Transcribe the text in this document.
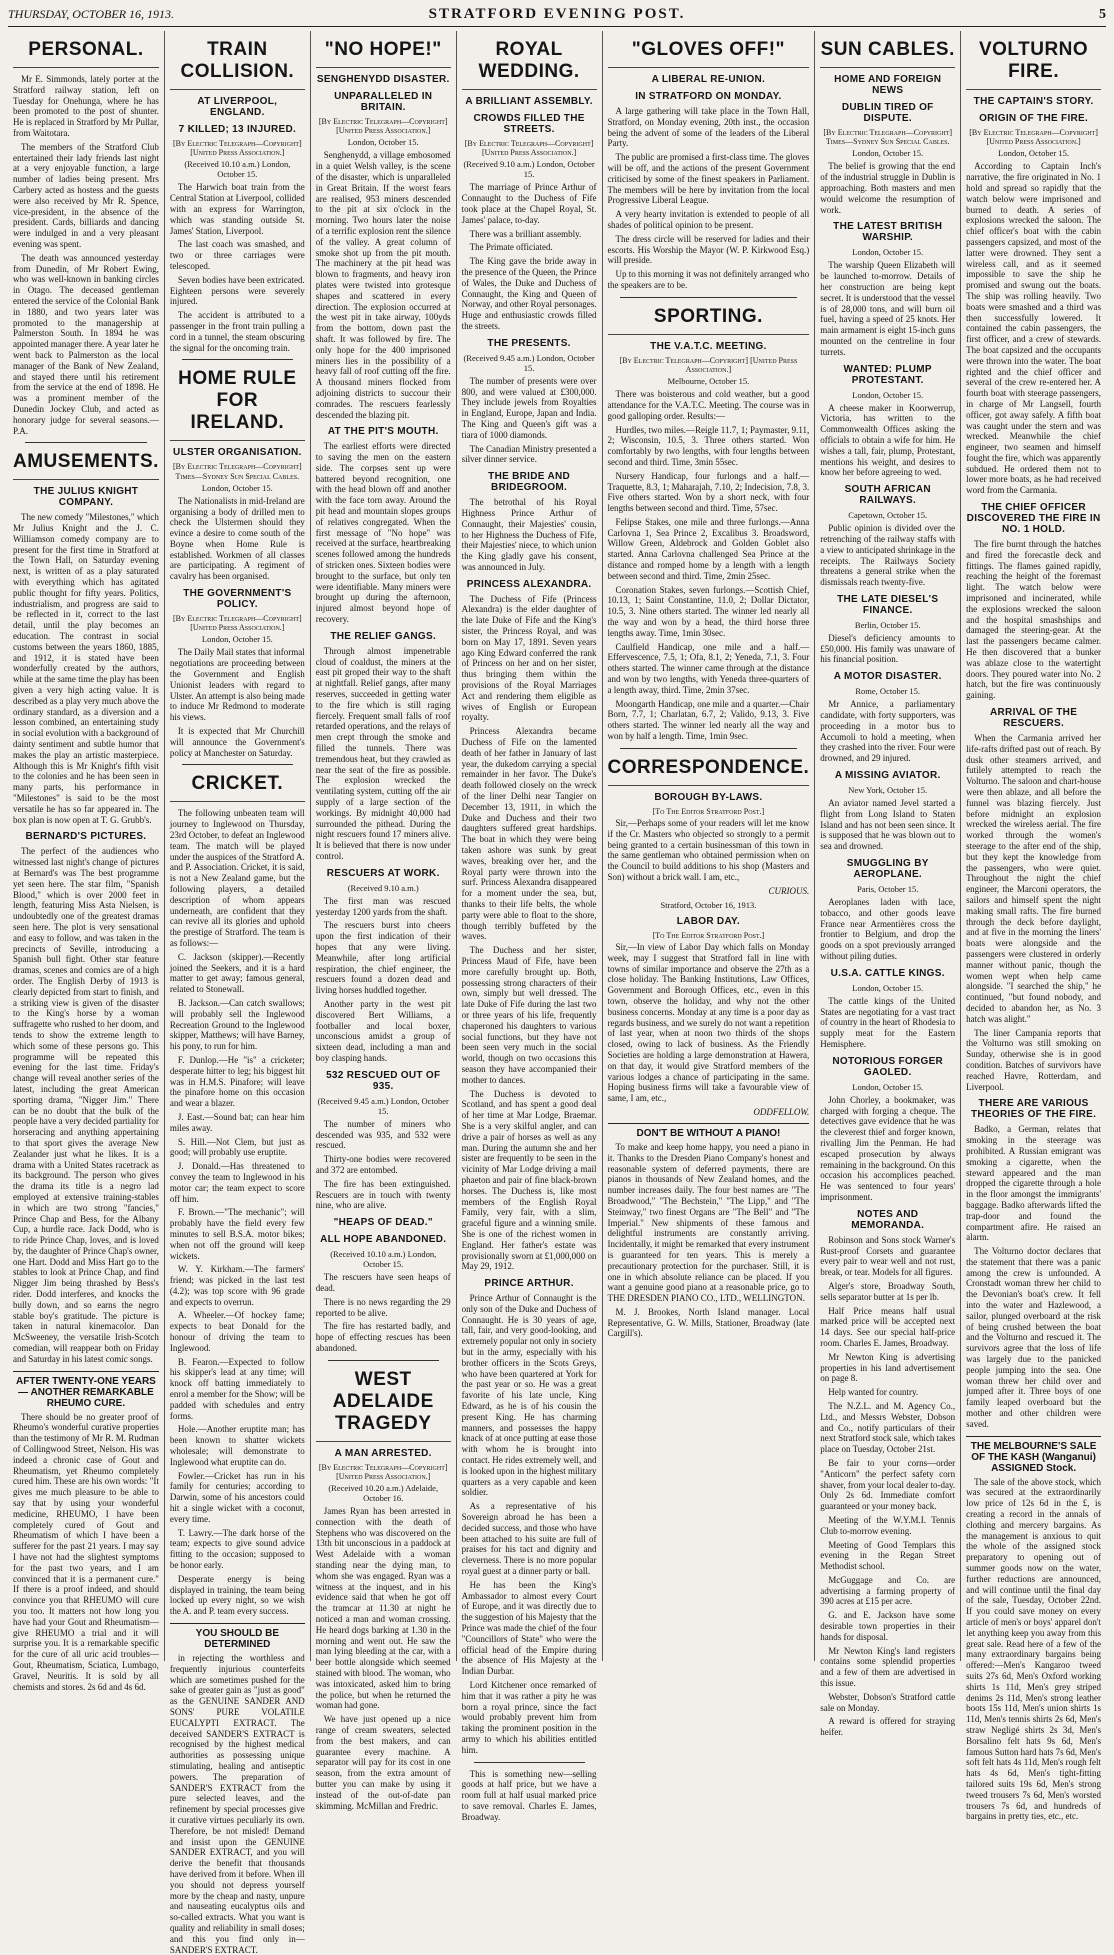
THURSDAY, OCTOBER 16, 1913.	STRATFORD EVENING POST.	5
PERSONAL.

Mr E. Simmonds, lately porter at the Stratford railway station, left on Tuesday for Onehunga, where he has been promoted to the post of shunter. He is replaced in Stratford by Mr Pullar, from Waitotara.

The members of the Stratford Club entertained their lady friends last night at a very enjoyable function, a large number of ladies being present. Mrs Carbery acted as hostess and the guests were also received by Mr R. Spence, vice-president, in the absence of the president. Cards, billiards and dancing were indulged in and a very pleasant evening was spent.

The death was announced yesterday from Dunedin, of Mr Robert Ewing, who was well-known in banking circles in Otago. The deceased gentleman entered the service of the Colonial Bank in 1880, and two years later was promoted to the managership at Palmerston South. In 1894 he was appointed manager there. A year later he went back to Palmerston as the local manager of the Bank of New Zealand, and stayed there until his retirement from the service at the end of 1898. He was a prominent member of the Dunedin Jockey Club, and acted as honorary judge for several seasons.—P.A.

AMUSEMENTS.
THE JULIUS KNIGHT COMPANY.

The new comedy "Milestones," which Mr Julius Knight and the J. C. Williamson comedy company are to present for the first time in Stratford at the Town Hall, on Saturday evening next, is written of as a play saturated with everything which has agitated public thought for fifty years. Politics, industrialism, and progress are said to be reflected in it, correct to the last detail, until the play becomes an education. The contrast in social customs between the years 1860, 1885, and 1912, it is stated have been wonderfully created by the authors, while at the same time the play has been given a very high acting value. It is described as a play very much above the ordinary standard, as a diversion and a lesson combined, an entertaining study in social evolution with a background of dainty sentiment and subtle humor that makes the play an artistic masterpiece. Although this is Mr Knight's fifth visit to the colonies and he has been seen in many parts, his performance in "Milestones" is said to be the most versatile he has so far appeared in. The box plan is now open at T. G. Grubb's.

BERNARD'S PICTURES.

The perfect of the audiences who witnessed last night's change of pictures at Bernard's was The best programme yet seen here. The star film, "Spanish Blood," which is over 2000 feet in length, featuring Miss Asta Nielsen, is undoubtedly one of the greatest dramas seen here. The plot is very sensational and easy to follow, and was taken in the precincts of Seville, introducing a Spanish bull fight. Other star feature dramas, scenes and comics are of a high order. The English Derby of 1913 is clearly depicted from start to finish, and a striking view is given of the disaster to the King's horse by a woman suffragette who rushed to her doom, and tends to show the extreme length to which some of these persons go. This programme will be repeated this evening for the last time. Friday's change will reveal another series of the latest, including the great American sporting drama, "Nigger Jim." There can be no doubt that the bulk of the people have a very decided partiality for horseracing and anything appertaining to that sport gives the average New Zealander just what he likes. It is a drama with a United States racetrack as its background. The person who gives the drama its title is a negro lad employed at extensive training-stables in which are two strong "fancies," Prince Chap and Bess, for the Albany Cup, a hurdle race. Jack Dodd, who is to ride Prince Chap, loves, and is loved by, the daughter of Prince Chap's owner, one Hart. Dodd and Miss Hart go to the stables to look at Prince Chap, and find Nigger Jim being thrashed by Bess's rider. Dodd interferes, and knocks the bully down, and so earns the negro stable boy's gratitude. The picture is taken in natural kinemacolor. Dan McSweeney, the versatile Irish-Scotch comedian, will reappear both on Friday and Saturday in his latest comic songs.

AFTER TWENTY-ONE YEARS— ANOTHER REMARKABLE RHEUMO CURE.

There should be no greater proof of Rheumo's wonderful curative properties than the testimony of Mr R. M. Rudman of Collingwood Street, Nelson. His was indeed a chronic case of Gout and Rheumatism, yet Rheumo completely cured him. These are his own words: "It gives me much pleasure to be able to say that by using your wonderful medicine, RHEUMO, I have been completely cured of Gout and Rheumatism of which I have been a sufferer for the past 21 years. I may say I have not had the slightest symptoms for the past two years, and I am convinced that it is a permanent cure." If there is a proof indeed, and should convince you that RHEUMO will cure you too. It matters not how long you have had your Gout and Rheumatism—give RHEUMO a trial and it will surprise you. It is a remarkable specific for the cure of all uric acid troubles—Gout, Rheumatism, Sciatica, Lumbago, Gravel, Neuritis. It is sold by all chemists and stores. 2s 6d and 4s 6d.

TRAIN COLLISION.
AT LIVERPOOL, ENGLAND.
7 KILLED; 13 INJURED.
[By Electric Telegraph—Copyright] [United Press Association.]
(Received 10.10 a.m.) London, October 15.

The Harwich boat train from the Central Station at Liverpool, collided with an express for Warrington, which was standing outside St. James' Station, Liverpool.

The last coach was smashed, and two or three carriages were telescoped.

Seven bodies have been extricated. Eighteen persons were severely injured.

The accident is attributed to a passenger in the front train pulling a cord in a tunnel, the steam obscuring the signal for the oncoming train.

HOME RULE FOR IRELAND.
ULSTER ORGANISATION.
[By Electric Telegraph—Copyright] Times—Sydney Sun Special Cables.
London, October 15.

The Nationalists in mid-Ireland are organising a body of drilled men to check the Ulstermen should they evince a desire to come south of the Boyne when Home Rule is established. Workmen of all classes are participating. A regiment of cavalry has been organised.

THE GOVERNMENT'S POLICY.
[By Electric Telegraph—Copyright] [United Press Association.]
London, October 15.

The Daily Mail states that informal negotiations are proceeding between the Government and English Unionist leaders with regard to Ulster. An attempt is also being made to induce Mr Redmond to moderate his views.

It is expected that Mr Churchill will announce the Government's policy at Manchester on Saturday.

CRICKET.

The following unbeaten team will journey to Inglewood on Thursday, 23rd October, to defeat an Inglewood team. The match will be played under the auspices of the Stratford A. and P. Association. Cricket, it is said, is not a New Zealand game, but the following players, a detailed description of whom appears underneath, are confident that they can revive all its glories and uphold the prestige of Stratford. The team is as follows:—

C. Jackson (skipper).—Recently joined the Seekers, and it is a hard matter to get away; famous general, related to Stonewall.

B. Jackson.—Can catch swallows; will probably sell the Inglewood Recreation Ground to the Inglewood skipper, Matthews; will have Barney, his pony, to run for him.

F. Dunlop.—He "is" a cricketer; desperate hitter to leg; his biggest hit was in H.M.S. Pinafore; will leave the pinafore home on this occasion and wear a blazer.

J. East.—Sound bat; can hear him miles away.

S. Hill.—Not Clem, but just as good; will probably use eruptite.

J. Donald.—Has threatened to convey the team to Inglewood in his motor car; the team expect to score off him.

F. Brown.—"The mechanic"; will probably have the field every few minutes to sell B.S.A. motor bikes; when not off the ground will keep wickets.

W. Y. Kirkham.—The farmers' friend; was picked in the last test (4.2); was top score with 96 grade and expects to overrun.

A. Wheeler.—Of hockey fame; expects to beat Donald for the honour of driving the team to Inglewood.

B. Fearon.—Expected to follow his skipper's lead at any time; will knock off batting immediately to enrol a member for the Show; will be padded with schedules and entry forms.

Hole.—Another eruptite man; has been known to shatter wickets wholesale; will demonstrate to Inglewood what eruptite can do.

Fowler.—Cricket has run in his family for centuries; according to Darwin, some of his ancestors could hit a single wicket with a coconut, every time.

T. Lawry.—The dark horse of the team; expects to give sound advice fitting to the occasion; supposed to be honor early.

Desperate energy is being displayed in training, the team being locked up every night, so we wish the A. and P. team every success.

YOU SHOULD BE DETERMINED

in rejecting the worthless and frequently injurious counterfeits which are sometimes pushed for the sake of greater gain as "just as good" as the GENUINE SANDER AND SONS' PURE VOLATILE EUCALYPTI EXTRACT. The deceived SANDER'S EXTRACT is recognised by the highest medical authorities as possessing unique stimulating, healing and antiseptic powers. The preparation of SANDER'S EXTRACT from the pure selected leaves, and the refinement by special processes give it curative virtues peculiarly its own. Therefore, be not misled! Demand and insist upon the GENUINE SANDER EXTRACT, and you will derive the benefit that thousands have derived from it before. When ill you should not depress yourself more by the cheap and nasty, unpure and nauseating eucalyptus oils and so-called extracts. What you want is quality and reliability in small doses; and this you find only in— SANDER'S EXTRACT.

"NO HOPE!"
SENGHENYDD DISASTER.
UNPARALLELED IN BRITAIN.
[By Electric Telegraph—Copyright] [United Press Association.]
London, October 15.

Senghenydd, a village embosomed in a quiet Welsh valley, is the scene of the disaster, which is unparalleled in Great Britain. If the worst fears are realised, 953 miners descended to the pit at six o'clock in the morning. Two hours later the noise of a terrific explosion rent the silence of the valley. A great column of smoke shot up from the pit mouth. The machinery at the pit head was blown to fragments, and heavy iron plates were twisted into grotesque shapes and scattered in every direction. The explosion occurred at the west pit in take airway, 100yds from the bottom, down past the shaft. It was followed by fire. The only hope for the 400 imprisoned miners lies in the possibility of a heavy fall of roof cutting off the fire. A thousand miners flocked from adjoining districts to succour their comrades. The rescuers fearlessly descended the blazing pit.

AT THE PIT'S MOUTH.

The earliest efforts were directed to saving the men on the eastern side. The corpses sent up were battered beyond recognition, one with the head blown off and another with the face torn away. Around the pit head and mountain slopes groups of relatives congregated. When the first message of "No hope" was received at the surface, heartbreaking scenes followed among the hundreds of stricken ones. Sixteen bodies were brought to the surface, but only ten were identifiable. Many miners were brought up during the afternoon, injured almost beyond hope of recovery.

THE RELIEF GANGS.

Through almost impenetrable cloud of coaldust, the miners at the east pit groped their way to the shaft at nightfall. Relief gangs, after many reserves, succeeded in getting water to the fire which is still raging fiercely. Frequent small falls of roof retarded operations, and the relays of men crept through the smoke and filled the tunnels. There was tremendous heat, but they crawled as near the seat of the fire as possible. The explosion wrecked the ventilating system, cutting off the air supply of a large section of the workings. By midnight 40,000 had surrounded the pithead. During the night rescuers found 17 miners alive. It is believed that there is now under control.

RESCUERS AT WORK.
(Received 9.10 a.m.)

The first man was rescued yesterday 1200 yards from the shaft.

The rescuers burst into cheers upon the first indication of their hopes that any were living. Meanwhile, after long artificial respiration, the chief engineer, the rescuers found a dozen dead and living horses huddled together.

Another party in the west pit discovered Bert Williams, a footballer and local boxer, unconscious amidst a group of sixteen dead, including a man and boy clasping hands.

532 RESCUED OUT OF 935.
(Received 9.45 a.m.) London, October 15.

The number of miners who descended was 935, and 532 were rescued.

Thirty-one bodies were recovered and 372 are entombed.

The fire has been extinguished. Rescuers are in touch with twenty nine, who are alive.

"HEAPS OF DEAD."
ALL HOPE ABANDONED.
(Received 10.10 a.m.) London, October 15.

The rescuers have seen heaps of dead.

There is no news regarding the 29 reported to be alive.

The fire has restarted badly, and hope of effecting rescues has been abandoned.

WEST ADELAIDE TRAGEDY
A MAN ARRESTED.
[By Electric Telegraph—Copyright] [United Press Association.]
(Received 10.20 a.m.) Adelaide, October 16.

James Ryan has been arrested in connection with the death of Stephens who was discovered on the 13th bit unconscious in a paddock at West Adelaide with a woman standing near the dying man, to whom she was engaged. Ryan was a witness at the inquest, and in his evidence said that when he got off the tramcar at 11.30 at night he noticed a man and woman crossing. He heard dogs barking at 1.30 in the morning and went out. He saw the man lying bleeding at the car, with a beer bottle alongside which seemed stained with blood. The woman, who was intoxicated, asked him to bring the police, but when he returned the woman had gone.

We have just opened up a nice range of cream sweaters, selected from the best makers, and can guarantee every machine. A separator will pay for its cost in one season, from the extra amount of butter you can make by using it instead of the out-of-date pan skimming. McMillan and Fredric.

ROYAL WEDDING.
A BRILLIANT ASSEMBLY.
CROWDS FILLED THE STREETS.
[By Electric Telegraph—Copyright] [United Press Association.]
(Received 9.10 a.m.) London, October 15.

The marriage of Prince Arthur of Connaught to the Duchess of Fife took place at the Chapel Royal, St. James' palace, to-day.

There was a brilliant assembly.

The Primate officiated.

The King gave the bride away in the presence of the Queen, the Prince of Wales, the Duke and Duchess of Connaught, the King and Queen of Norway, and other Royal personages. Huge and enthusiastic crowds filled the streets.

THE PRESENTS.
(Received 9.45 a.m.) London, October 15.

The number of presents were over 800, and were valued at £300,000. They include jewels from Royalties in England, Europe, Japan and India. The King and Queen's gift was a tiara of 1000 diamonds.

The Canadian Ministry presented a silver dinner service.

THE BRIDE AND BRIDEGROOM.

The betrothal of his Royal Highness Prince Arthur of Connaught, their Majesties' cousin, to her Highness the Duchess of Fife, their Majesties' niece, to which union the King gladly gave his consent, was announced in July.

PRINCESS ALEXANDRA.

The Duchess of Fife (Princess Alexandra) is the elder daughter of the late Duke of Fife and the King's sister, the Princess Royal, and was born on May 17, 1891. Seven years ago King Edward conferred the rank of Princess on her and on her sister, thus bringing them within the provisions of the Royal Marriages Act and rendering them eligible as wives of English or European royalty.

Princess Alexandra became Duchess of Fife on the lamented death of her father in January of last year, the dukedom carrying a special remainder in her favor. The Duke's death followed closely on the wreck of the liner Delhi near Tangier on December 13, 1911, in which the Duke and Duchess and their two daughters suffered great hardships. The boat in which they were being taken ashore was sunk by great waves, breaking over her, and the Royal party were thrown into the surf. Princess Alexandra disappeared for a moment under the sea, but, thanks to their life belts, the whole party were able to float to the shore, though terribly buffeted by the waves.

The Duchess and her sister, Princess Maud of Fife, have been more carefully brought up. Both, possessing strong characters of their own, simply but well dressed. The late Duke of Fife during the last two or three years of his life, frequently chaperoned his daughters to various social functions, but they have not been seen very much in the social world, though on two occasions this season they have accompanied their mother to dances.

The Duchess is devoted to Scotland, and has spent a good deal of her time at Mar Lodge, Braemar. She is a very skilful angler, and can drive a pair of horses as well as any man. During the autumn she and her sister are frequently to be seen in the vicinity of Mar Lodge driving a mail phaeton and pair of fine black-brown horses. The Duchess is, like most members of the English Royal Family, very fair, with a slim, graceful figure and a winning smile. She is one of the richest women in England. Her father's estate was provisionally sworn at £1,000,000 on May 29, 1912.

PRINCE ARTHUR.

Prince Arthur of Connaught is the only son of the Duke and Duchess of Connaught. He is 30 years of age, tall, fair, and very good-looking, and extremely popular not only in society but in the army, especially with his brother officers in the Scots Greys, who have been quartered at York for the past year or so. He was a great favorite of his late uncle, King Edward, as he is of his cousin the present King. He has charming manners, and possesses the happy knack of at once putting at ease those with whom he is brought into contact. He rides extremely well, and is looked upon in the highest military quarters as a very capable and keen soldier.

As a representative of his Sovereign abroad he has been a decided success, and those who have been attached to his suite are full of praises for his tact and dignity and cleverness. There is no more popular royal guest at a dinner party or ball.

He has been the King's Ambassador to almost every Court of Europe, and it was directly due to the suggestion of his Majesty that the Prince was made the chief of the four "Councillors of State" who were the official head of the Empire during the absence of His Majesty at the Indian Durbar.

Lord Kitchener once remarked of him that it was rather a pity he was born a royal prince, since the fact would probably prevent him from taking the prominent position in the army to which his abilities entitled him.

This is something new—selling goods at half price, but we have a room full at half usual marked price to save removal. Charles E. James, Broadway.

"GLOVES OFF!"
A LIBERAL RE-UNION.
IN STRATFORD ON MONDAY.

A large gathering will take place in the Town Hall, Stratford, on Monday evening, 20th inst., the occasion being the advent of some of the leaders of the Liberal Party.

The public are promised a first-class time. The gloves will be off, and the actions of the present Government criticised by some of the finest speakers in Parliament. The members will be here by invitation from the local Progressive Liberal League.

A very hearty invitation is extended to people of all shades of political opinion to be present.

The dress circle will be reserved for ladies and their escorts. His Worship the Mayor (W. P. Kirkwood Esq.) will preside.

Up to this morning it was not definitely arranged who the speakers are to be.

SPORTING.
THE V.A.T.C. MEETING.
[By Electric Telegraph—Copyright] [United Press Association.]
Melbourne, October 15.

There was boisterous and cold weather, but a good attendance for the V.A.T.C. Meeting. The course was in good galloping order. Results:—

Hurdles, two miles.—Reigle 11.7, 1; Paymaster, 9.11, 2; Wisconsin, 10.5, 3. Three others started. Won comfortably by two lengths, with four lengths between second and third. Time, 3min 55sec.

Nursery Handicap, four furlongs and a half.—Traquette, 8.3, 1; Maharajah, 7.10, 2; Indecision, 7.8, 3. Five others started. Won by a short neck, with four lengths between second and third. Time, 57sec.

Felipse Stakes, one mile and three furlongs.—Anna Carlovna 1, Sea Prince 2, Excalibus 3. Broadsword, Willow Green, Aldebrock and Golden Goblet also started. Anna Carlovna challenged Sea Prince at the distance and romped home by a length with a length between second and third. Time, 2min 25sec.

Coronation Stakes, seven furlongs.—Scottish Chief, 10.13, 1; Saint Constantine, 11.0, 2; Dollar Dictator, 10.5, 3. Nine others started. The winner led nearly all the way and won by a head, the third horse three lengths away. Time, 1min 30sec.

Caulfield Handicap, one mile and a half.—Effervescence, 7.5, 1; Ofa, 8.1, 2; Yeneda, 7.1, 3. Four others started. The winner came through at the distance and won by two lengths, with Yeneda three-quarters of a length away, third. Time, 2min 37sec.

Moongarth Handicap, one mile and a quarter.—Chair Born, 7.7, 1; Charlatan, 6.7, 2; Valido, 9.13, 3. Five others started. The winner led nearly all the way and won by half a length. Time, 1min 9sec.

CORRESPONDENCE.
BOROUGH BY-LAWS.
[To The Editor Stratford Post.]

Sir,—Perhaps some of your readers will let me know if the Cr. Masters who objected so strongly to a permit being granted to a certain businessman of this town in the same gentleman who obtained permission when on the Council to build additions to his shop (Masters and Son) without a brick wall. I am, etc.,

CURIOUS.
Stratford, October 16, 1913.
LABOR DAY.
[To The Editor Stratford Post.]

Sir,—In view of Labor Day which falls on Monday week, may I suggest that Stratford fall in line with towns of similar importance and observe the 27th as a close holiday. The Banking Institutions, Law Offices, Government and Borough Offices, etc., even in this town, observe the holiday, and why not the other business concerns. Monday at any time is a poor day as regards business, and we surely do not want a repetition of last year, when at noon two thirds of the shops closed, owing to lack of business. As the Friendly Societies are holding a large demonstration at Hawera, on that day, it would give Stratford members of the various lodges a chance of participating in the same. Hoping business firms will take a favourable view of same, I am, etc.,

ODDFELLOW.
DON'T BE WITHOUT A PIANO!

To make and keep home happy, you need a piano in it. Thanks to the Dresden Piano Company's honest and reasonable system of deferred payments, there are pianos in thousands of New Zealand homes, and the number increases daily. The four best names are "The Broadwood," "The Bechstein," "The Lipp," and "The Steinway," two finest Organs are "The Bell" and "The Imperial." New shipments of these famous and delightful instruments are constantly arriving. Incidentally, it might be remarked that every instrument is guaranteed for ten years. This is merely a precautionary protection for the purchaser. Still, it is one in which absolute reliance can be placed. If you want a genuine good piano at a reasonable price, go to THE DRESDEN PIANO CO., LTD., WELLINGTON.

M. J. Brookes, North Island manager. Local Representative, G. W. Mills, Stationer, Broadway (late Cargill's).

SUN CABLES.
HOME AND FOREIGN NEWS
DUBLIN TIRED OF DISPUTE.
[By Electric Telegraph—Copyright] Times—Sydney Sun Special Cables.
London, October 15.

The belief is growing that the end of the industrial struggle in Dublin is approaching. Both masters and men would welcome the resumption of work.

THE LATEST BRITISH WARSHIP.
London, October 15.

The warship Queen Elizabeth will be launched to-morrow. Details of her construction are being kept secret. It is understood that the vessel is of 28,000 tons, and will burn oil fuel, having a speed of 25 knots. Her main armament is eight 15-inch guns mounted on the centreline in four turrets.

WANTED: PLUMP PROTESTANT.
London, October 15.

A cheese maker in Koorwerrup, Victoria, has written to the Commonwealth Offices asking the officials to obtain a wife for him. He wishes a tall, fair, plump, Protestant, mentions his weight, and desires to know her before agreeing to wed.

SOUTH AFRICAN RAILWAYS.
Capetown, October 15.

Public opinion is divided over the retrenching of the railway staffs with a view to anticipated shrinkage in the receipts. The Railways Society threatens a general strike when the dismissals reach twenty-five.

THE LATE DIESEL'S FINANCE.
Berlin, October 15.

Diesel's deficiency amounts to £50,000. His family was unaware of his financial position.

A MOTOR DISASTER.
Rome, October 15.

Mr Annice, a parliamentary candidate, with forty supporters, was proceeding in a motor bus to Accumoli to hold a meeting, when they crashed into the river. Four were drowned, and 29 injured.

A MISSING AVIATOR.
New York, October 15.

An aviator named Jevel started a flight from Long Island to Staten Island and has not been seen since. It is supposed that he was blown out to sea and drowned.

SMUGGLING BY AEROPLANE.
Paris, October 15.

Aeroplanes laden with lace, tobacco, and other goods leave France near Armentières cross the frontier to Belgium, and drop the goods on a spot previously arranged without piling duties.

U.S.A. CATTLE KINGS.
London, October 15.

The cattle kings of the United States are negotiating for a vast tract of country in the heart of Rhodesia to supply meat for the Eastern Hemisphere.

NOTORIOUS FORGER GAOLED.
London, October 15.

John Chorley, a bookmaker, was charged with forging a cheque. The detectives gave evidence that he was the cleverest thief and forger known, rivalling Jim the Penman. He had escaped prosecution by always remaining in the background. On this occasion his accomplices peached. He was sentenced to four years' imprisonment.

NOTES AND MEMORANDA.

Robinson and Sons stock Warner's Rust-proof Corsets and guarantee every pair to wear well and not rust, break, or tear. Models for all figures.

Alger's store, Broadway South, sells separator butter at 1s per lb.

Half Price means half usual marked price will be accepted next 14 days. See our special half-price room. Charles E. James, Broadway.

Mr Newton King is advertising properties in his land advertisement on page 8.

Help wanted for country.

The N.Z.L. and M. Agency Co., Ltd., and Messrs Webster, Dobson and Co., notify particulars of their next Stratford stock sale, which takes place on Tuesday, October 21st.

Be fair to your corns—order "Anticorn" the perfect safety corn shaver, from your local dealer to-day. Only 2s 6d. Immediate comfort guaranteed or your money back.

Meeting of the W.Y.M.I. Tennis Club to-morrow evening.

Meeting of Good Templars this evening in the Regan Street Methodist school.

McGuggage and Co. are advertising a farming property of 390 acres at £15 per acre.

G. and E. Jackson have some desirable town properties in their hands for disposal.

Mr Newton King's land registers contains some splendid properties and a few of them are advertised in this issue.

Webster, Dobson's Stratford cattle sale on Monday.

A reward is offered for straying heifer.

VOLTURNO FIRE.
THE CAPTAIN'S STORY.
ORIGIN OF THE FIRE.
[By Electric Telegraph—Copyright] [United Press Association.]
London, October 15.

According to Captain Inch's narrative, the fire originated in No. 1 hold and spread so rapidly that the watch below were imprisoned and burned to death. A series of explosions wrecked the saloon. The chief officer's boat with the cabin passengers capsized, and most of the latter were drowned. They sent a wireless call, and as it seemed impossible to save the ship he promised and swung out the boats. The ship was rolling heavily. Two boats were smashed and a third was then successfully lowered. It contained the cabin passengers, the first officer, and a crew of stewards. The boat capsized and the occupants were thrown into the water. The boat righted and the chief officer and several of the crew re-entered her. A fourth boat with steerage passengers, in charge of Mr Langsell, fourth officer, got away safely. A fifth boat was caught under the stern and was wrecked. Meanwhile the chief engineer, two seamen and himself fought the fire, which was apparently subdued. He ordered them not to lower more boats, as he had received word from the Carmania.

THE CHIEF OFFICER DISCOVERED THE FIRE IN NO. 1 HOLD.

The fire burnt through the hatches and fired the forecastle deck and fittings. The flames gained rapidly, reaching the height of the foremast light. The watch below were imprisoned and incinerated, while the explosions wrecked the saloon and the hospital smashships and damaged the steering-gear. At the last the passengers became calmer. He then discovered that a bunker was ablaze close to the watertight doors. They poured water into No. 2 hatch, but the fire was continuously gaining.

ARRIVAL OF THE RESCUERS.

When the Carmania arrived her life-rafts drifted past out of reach. By dusk other steamers arrived, and futilely attempted to reach the Volturno. The saloon and chart-house were then ablaze, and all before the funnel was blazing fiercely. Just before midnight an explosion wrecked the wireless aerial. The fire worked through the women's steerage to the after end of the ship, but they kept the knowledge from the passengers, who were quiet. Throughout the night the chief engineer, the Marconi operators, the sailors and himself spent the night making small rafts. The fire burned through the deck before daylight, and at five in the morning the liners' boats were alongside and the passengers were clustered in orderly manner without panic, though the women wept when help came alongside. "I searched the ship," he continued, "but found nobody, and decided to abandon her, as No. 3 hatch was alight."

The liner Campania reports that the Volturno was still smoking on Sunday, otherwise she is in good condition. Batches of survivors have reached Havre, Rotterdam, and Liverpool.

THERE ARE VARIOUS THEORIES OF THE FIRE.

Badko, a German, relates that smoking in the steerage was prohibited. A Russian emigrant was smoking a cigarette, when the steward appeared and the man dropped the cigarette through a hole in the floor amongst the immigrants' baggage. Badko afterwards lifted the trap-door and found the compartment afire. He raised an alarm.

The Volturno doctor declares that the statement that there was a panic among the crew is unfounded. A Cronstadt woman threw her child to the Devonian's boat's crew. It fell into the water and Hazlewood, a sailor, plunged overboard at the risk of being crushed between the boat and the Volturno and rescued it. The survivors agree that the loss of life was largely due to the panicked people jumping into the sea. One woman threw her child over and jumped after it. Three boys of one family leaped overboard but the mother and other children were saved.

THE MELBOURNE'S SALE OF THE KASH (Wanganui) ASSIGNED Stock.

The sale of the above stock, which was secured at the extraordinarily low price of 12s 6d in the £, is creating a record in the annals of clothing and mercery bargains. As the management is anxious to quit the whole of the assigned stock preparatory to opening out of summer goods now on the water, further reductions are announced, and will continue until the final day of the sale, Tuesday, October 22nd. If you could save money on every article of men's or boys' apparel don't let anything keep you away from this great sale. Read here of a few of the many extraordinary bargains being offered:—Men's Kangaroo tweed suits 27s 6d, Men's Oxford working shirts 1s 11d, Men's grey striped denims 2s 11d, Men's strong leather boots 15s 11d, Men's union shirts 1s 11d, Men's tennis shirts 2s 6d, Men's straw Negligé shirts 2s 3d, Men's Borsalino felt hats 9s 6d, Men's famous Sutton hard hats 7s 6d, Men's soft felt hats 4s 11d, Men's rough felt hats 4s 6d, Men's tight-fitting tailored suits 19s 6d, Men's strong tweed trousers 7s 6d, Men's worsted trousers 7s 6d, and hundreds of bargains in pretty ties, etc., etc.
